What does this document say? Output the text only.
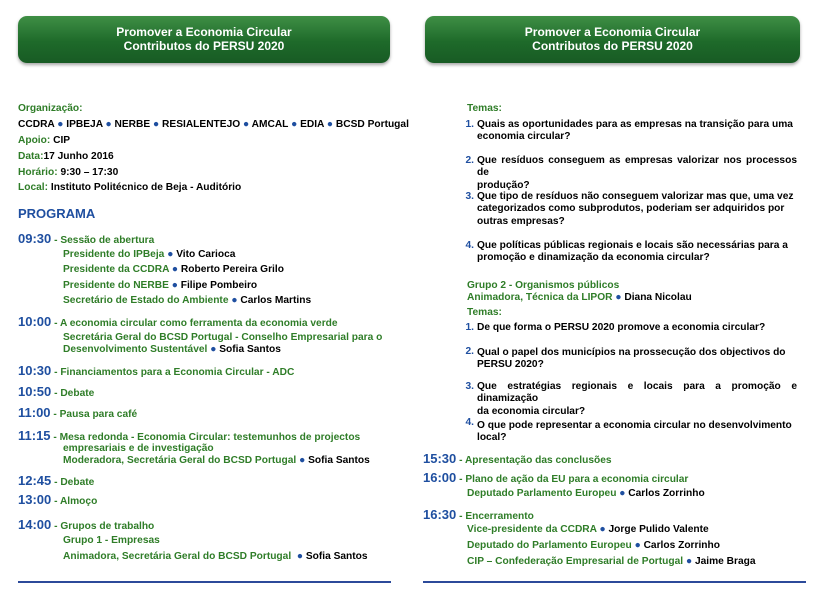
Promover a Economia Circular
Contributos do PERSU 2020
Organização:
CCDRA ● IPBEJA ● NERBE ● RESIALENTEJO ● AMCAL ● EDIA ● BCSD Portugal
Apoio: CIP
Data:17 Junho 2016
Horário: 9:30 – 17:30
Local: Instituto Politécnico de Beja - Auditório
PROGRAMA
09:30 - Sessão de abertura
Presidente do IPBeja ● Vito Carioca
Presidente da CCDRA ● Roberto Pereira Grilo
Presidente do NERBE ● Filipe Pombeiro
Secretário de Estado do Ambiente ● Carlos Martins
10:00 - A economia circular como ferramenta da economia verde
Secretária Geral do BCSD Portugal - Conselho Empresarial para o
Desenvolvimento Sustentável ● Sofia Santos
10:30 - Financiamentos para a Economia Circular - ADC
10:50 - Debate
11:00 - Pausa para café
11:15 - Mesa redonda - Economia Circular: testemunhos de projectos
empresariais e de investigação
Moderadora, Secretária Geral do BCSD Portugal ● Sofia Santos
12:45 - Debate
13:00 - Almoço
14:00 - Grupos de trabalho
Grupo 1 - Empresas
Animadora, Secretária Geral do BCSD Portugal ● Sofia Santos
Promover a Economia Circular
Contributos do PERSU 2020
Temas:
1. Quais as oportunidades para as empresas na transição para uma
economia circular?
2. Que resíduos conseguem as empresas valorizar nos processos de
produção?
3. Que tipo de resíduos não conseguem valorizar mas que, uma vez
categorizados como subprodutos, poderiam ser adquiridos por
outras empresas?
4. Que políticas públicas regionais e locais são necessárias para a
promoção e dinamização da economia circular?
Grupo 2 - Organismos públicos
Animadora, Técnica da LIPOR ● Diana Nicolau
Temas:
1. De que forma o PERSU 2020 promove a economia circular?
2. Qual o papel dos municípios na prossecução dos objectivos do
PERSU 2020?
3. Que estratégias regionais e locais para a promoção e dinamização
da economia circular?
4. O que pode representar a economia circular no desenvolvimento
local?
15:30 - Apresentação das conclusões
16:00 - Plano de ação da EU para a economia circular
Deputado Parlamento Europeu ● Carlos Zorrinho
16:30 - Encerramento
Vice-presidente da CCDRA ● Jorge Pulido Valente
Deputado do Parlamento Europeu ● Carlos Zorrinho
CIP – Confederação Empresarial de Portugal ● Jaime Braga
